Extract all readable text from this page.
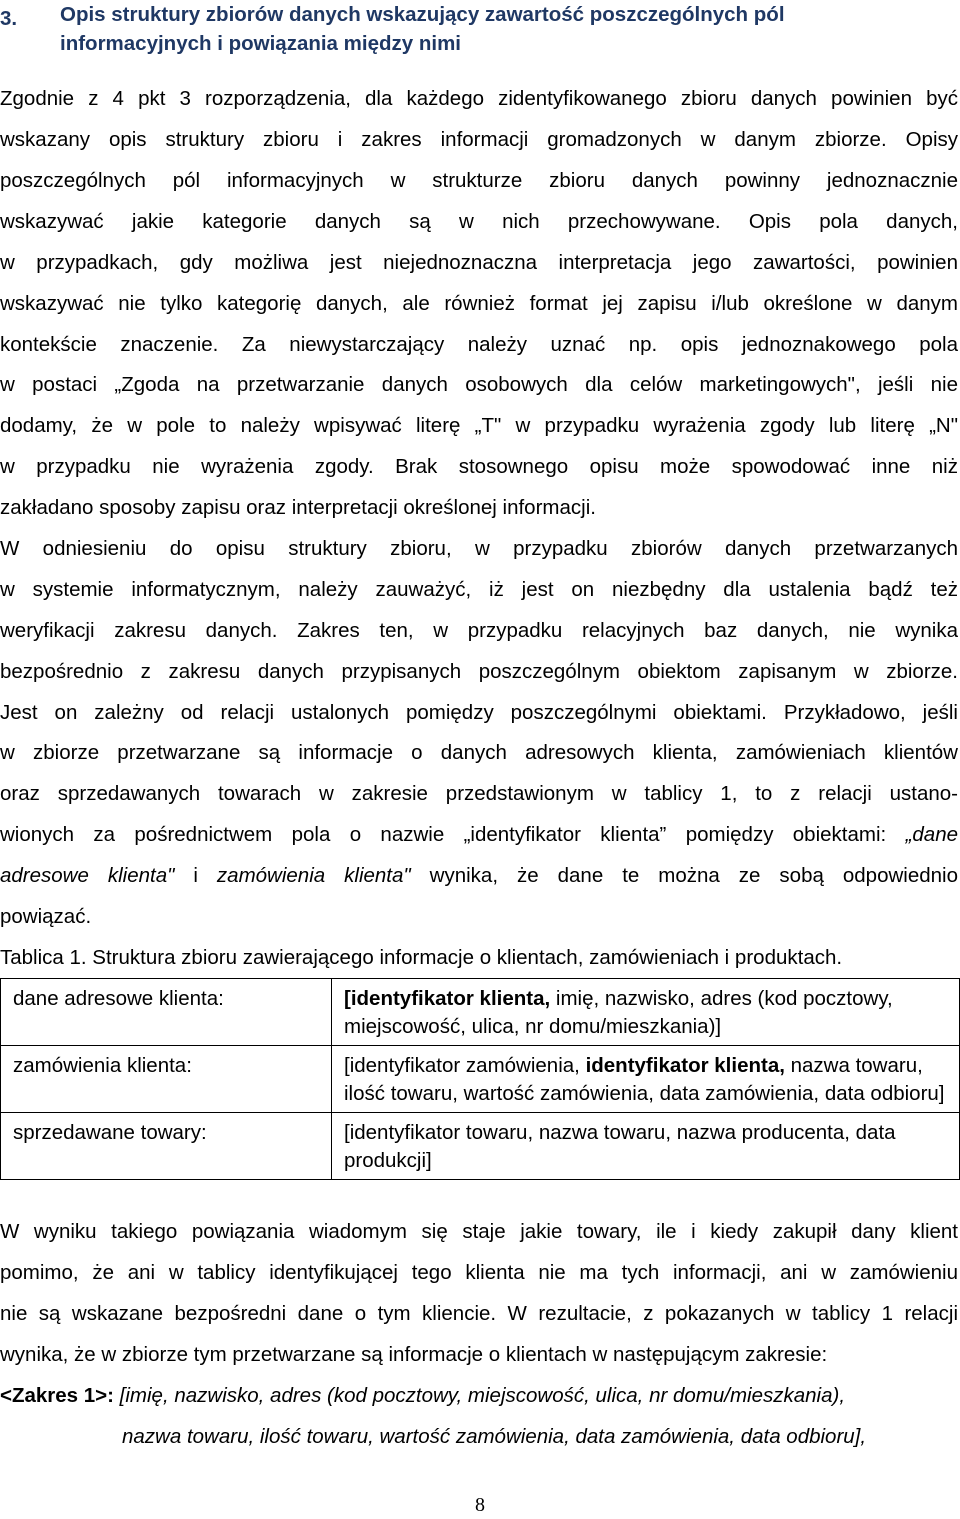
3. Opis struktury zbiorów danych wskazujący zawartość poszczególnych pól
informacyjnych i powiązania między nimi
Zgodnie z 4 pkt 3 rozporządzenia, dla każdego zidentyfikowanego zbioru danych powinien być
wskazany opis struktury zbioru i zakres informacji gromadzonych w danym zbiorze. Opisy
poszczególnych pól informacyjnych w strukturze zbioru danych powinny jednoznacznie
wskazywać jakie kategorie danych są w nich przechowywane. Opis pola danych,
w przypadkach, gdy możliwa jest niejednoznaczna interpretacja jego zawartości, powinien
wskazywać nie tylko kategorię danych, ale również format jej zapisu i/lub określone w danym
kontekście znaczenie. Za niewystarczający należy uznać np. opis jednoznakowego pola
w postaci „Zgoda na przetwarzanie danych osobowych dla celów marketingowych", jeśli nie
dodamy, że w pole to należy wpisywać literę „T" w przypadku wyrażenia zgody lub literę „N"
w przypadku nie wyrażenia zgody. Brak stosownego opisu może spowodować inne niż
zakładano sposoby zapisu oraz interpretacji określonej informacji.
W odniesieniu do opisu struktury zbioru, w przypadku zbiorów danych przetwarzanych
w systemie informatycznym, należy zauważyć, iż jest on niezbędny dla ustalenia bądź też
weryfikacji zakresu danych. Zakres ten, w przypadku relacyjnych baz danych, nie wynika
bezpośrednio z zakresu danych przypisanych poszczególnym obiektom zapisanym w zbiorze.
Jest on zależny od relacji ustalonych pomiędzy poszczególnymi obiektami. Przykładowo, jeśli
w zbiorze przetwarzane są informacje o danych adresowych klienta, zamówieniach klientów
oraz sprzedawanych towarach w zakresie przedstawionym w tablicy 1, to z relacji ustano-
wionych za pośrednictwem pola o nazwie „identyfikator klienta” pomiędzy obiektami: „dane
adresowe klienta" i zamówienia klienta" wynika, że dane te można ze sobą odpowiednio
powiązać.
Tablica 1. Struktura zbioru zawierającego informacje o klientach, zamówieniach i produktach.
dane adresowe klienta:	[identyfikator klienta, imię, nazwisko, adres (kod pocztowy, miejscowość, ulica, nr domu/mieszkania)]
zamówienia klienta:	[identyfikator zamówienia, identyfikator klienta, nazwa towaru, ilość towaru, wartość zamówienia, data zamówienia, data odbioru]
sprzedawane towary:	[identyfikator towaru, nazwa towaru, nazwa producenta, data produkcji]
W wyniku takiego powiązania wiadomym się staje jakie towary, ile i kiedy zakupił dany klient
pomimo, że ani w tablicy identyfikującej tego klienta nie ma tych informacji, ani w zamówieniu
nie są wskazane bezpośredni dane o tym kliencie. W rezultacie, z pokazanych w tablicy 1 relacji
wynika, że w zbiorze tym przetwarzane są informacje o klientach w następującym zakresie:
<Zakres 1>: [imię, nazwisko, adres (kod pocztowy, miejscowość, ulica, nr domu/mieszkania),
nazwa towaru, ilość towaru, wartość zamówienia, data zamówienia, data odbioru],
8
